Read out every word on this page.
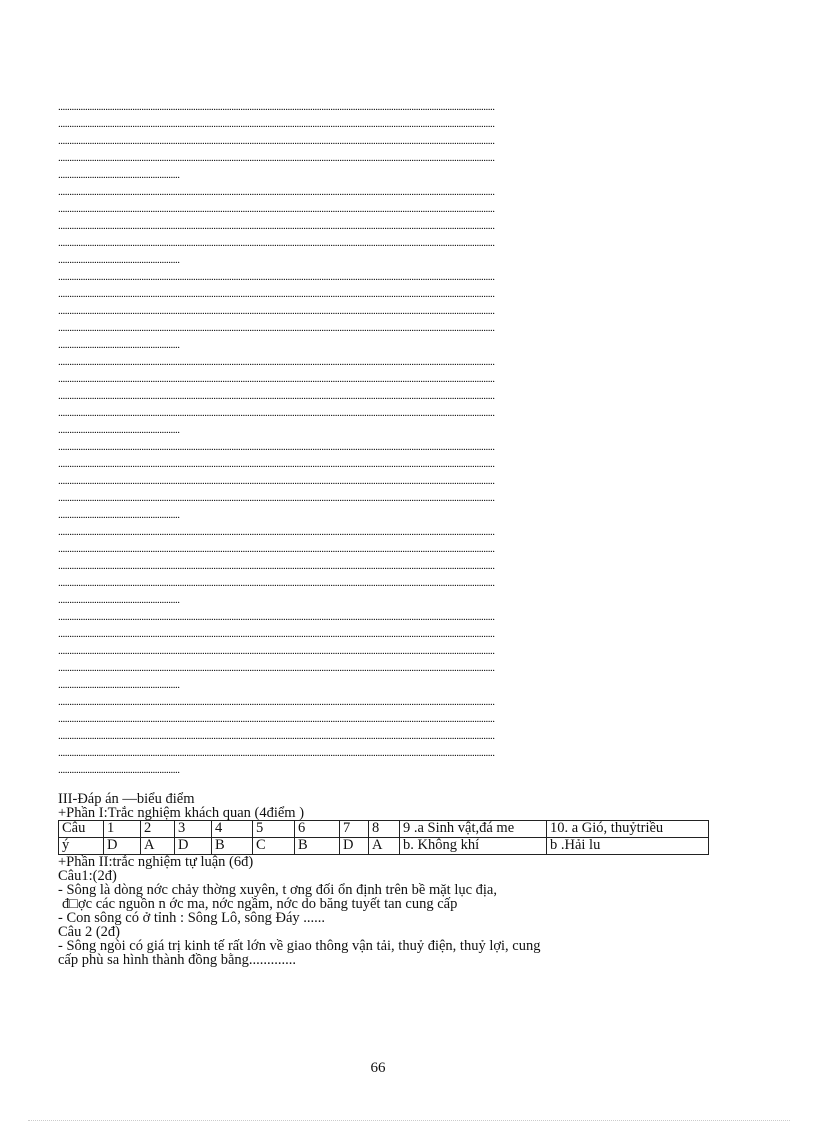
..................................................................................................................................................................................................
..................................................................................................................................................................................................
..................................................................................................................................................................................................
..................................................................................................................................................................................................
......................................................
..................................................................................................................................................................................................
..................................................................................................................................................................................................
..................................................................................................................................................................................................
..................................................................................................................................................................................................
......................................................
..................................................................................................................................................................................................
..................................................................................................................................................................................................
..................................................................................................................................................................................................
..................................................................................................................................................................................................
......................................................
..................................................................................................................................................................................................
..................................................................................................................................................................................................
..................................................................................................................................................................................................
..................................................................................................................................................................................................
......................................................
..................................................................................................................................................................................................
..................................................................................................................................................................................................
..................................................................................................................................................................................................
..................................................................................................................................................................................................
......................................................
..................................................................................................................................................................................................
..................................................................................................................................................................................................
..................................................................................................................................................................................................
..................................................................................................................................................................................................
......................................................
..................................................................................................................................................................................................
..................................................................................................................................................................................................
..................................................................................................................................................................................................
..................................................................................................................................................................................................
......................................................
..................................................................................................................................................................................................
..................................................................................................................................................................................................
..................................................................................................................................................................................................
..................................................................................................................................................................................................
......................................................

III-Đáp án —biểu điểm

+Phần I:Trắc nghiệm khách quan (4điểm )

Câu	1	2	3	4	5	6	7	8	9 .a Sinh vật,đá me	10. a Gió, thuỷtriều
ý	D	A	D	B	C	B	D	A	b. Không khí	b .Hải lu

+Phần II:trắc nghiệm tự luận (6đ)

Câu1:(2đ)

- Sông là dòng nớc chảy thờng xuyên, t ơng đối ổn định trên bề mặt lục địa,

đ□ợc các nguồn n ớc ma, nớc ngầm, nớc do băng tuyết tan cung cấp

- Con sông có ở tỉnh : Sông Lô, sông Đáy ......

Câu 2 (2đ)

- Sông ngòi có giá trị kinh tế rất lớn về giao thông vận tải, thuỷ điện, thuỷ lợi, cung

cấp phù sa hình thành đồng bằng.............

66
